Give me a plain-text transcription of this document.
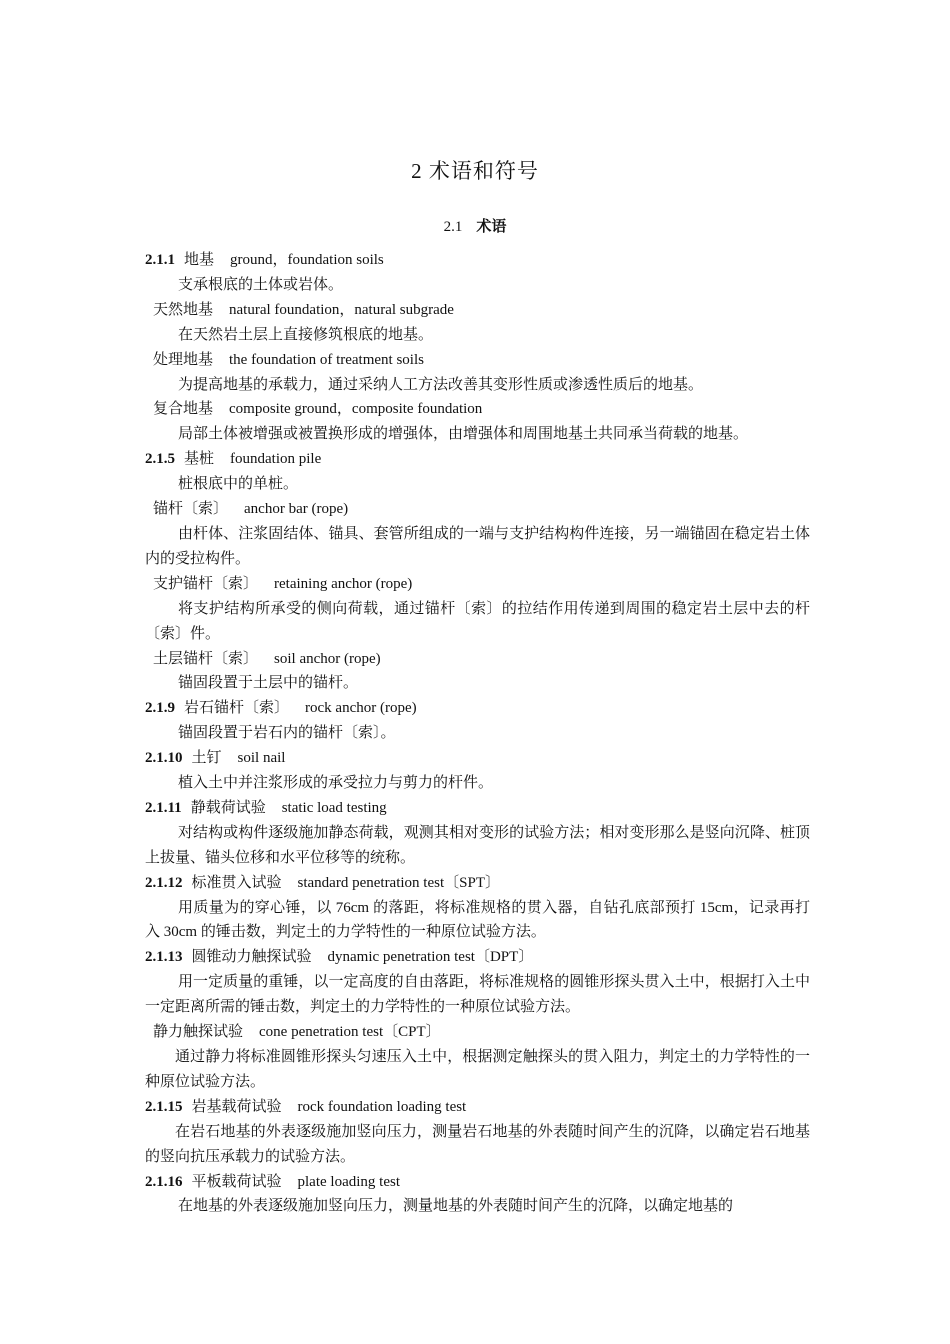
2 术语和符号
2.1 术语
2.1.1 地基 ground，foundation soils
支承根底的土体或岩体。
天然地基 natural foundation，natural subgrade
在天然岩土层上直接修筑根底的地基。
处理地基 the foundation of treatment soils
为提高地基的承载力，通过采纳人工方法改善其变形性质或渗透性质后的地基。
复合地基 composite ground，composite foundation
局部土体被增强或被置换形成的增强体，由增强体和周围地基土共同承当荷载的地基。
2.1.5 基桩 foundation pile
桩根底中的单桩。
锚杆〔索〕 anchor bar (rope)
由杆体、注浆固结体、锚具、套管所组成的一端与支护结构构件连接，另一端锚固在稳定岩土体内的受拉构件。
支护锚杆〔索〕 retaining anchor (rope)
将支护结构所承受的侧向荷载，通过锚杆〔索〕的拉结作用传递到周围的稳定岩土层中去的杆〔索〕件。
土层锚杆〔索〕 soil anchor (rope)
锚固段置于土层中的锚杆。
2.1.9 岩石锚杆〔索〕 rock anchor (rope)
锚固段置于岩石内的锚杆〔索〕。
2.1.10 土钉 soil nail
植入土中并注浆形成的承受拉力与剪力的杆件。
2.1.11 静载荷试验 static load testing
对结构或构件逐级施加静态荷载，观测其相对变形的试验方法；相对变形那么是竖向沉降、桩顶上拔量、锚头位移和水平位移等的统称。
2.1.12 标准贯入试验 standard penetration test〔SPT〕
用质量为的穿心锤，以 76cm 的落距，将标准规格的贯入器，自钻孔底部预打 15cm，记录再打入 30cm 的锤击数，判定土的力学特性的一种原位试验方法。
2.1.13 圆锥动力触探试验 dynamic penetration test〔DPT〕
用一定质量的重锤，以一定高度的自由落距，将标准规格的圆锥形探头贯入土中，根据打入土中一定距离所需的锤击数，判定土的力学特性的一种原位试验方法。
静力触探试验 cone penetration test〔CPT〕
通过静力将标准圆锥形探头匀速压入土中，根据测定触探头的贯入阻力，判定土的力学特性的一种原位试验方法。
2.1.15 岩基载荷试验 rock foundation loading test
在岩石地基的外表逐级施加竖向压力，测量岩石地基的外表随时间产生的沉降，以确定岩石地基的竖向抗压承载力的试验方法。
2.1.16 平板载荷试验 plate loading test
在地基的外表逐级施加竖向压力，测量地基的外表随时间产生的沉降，以确定地基的
